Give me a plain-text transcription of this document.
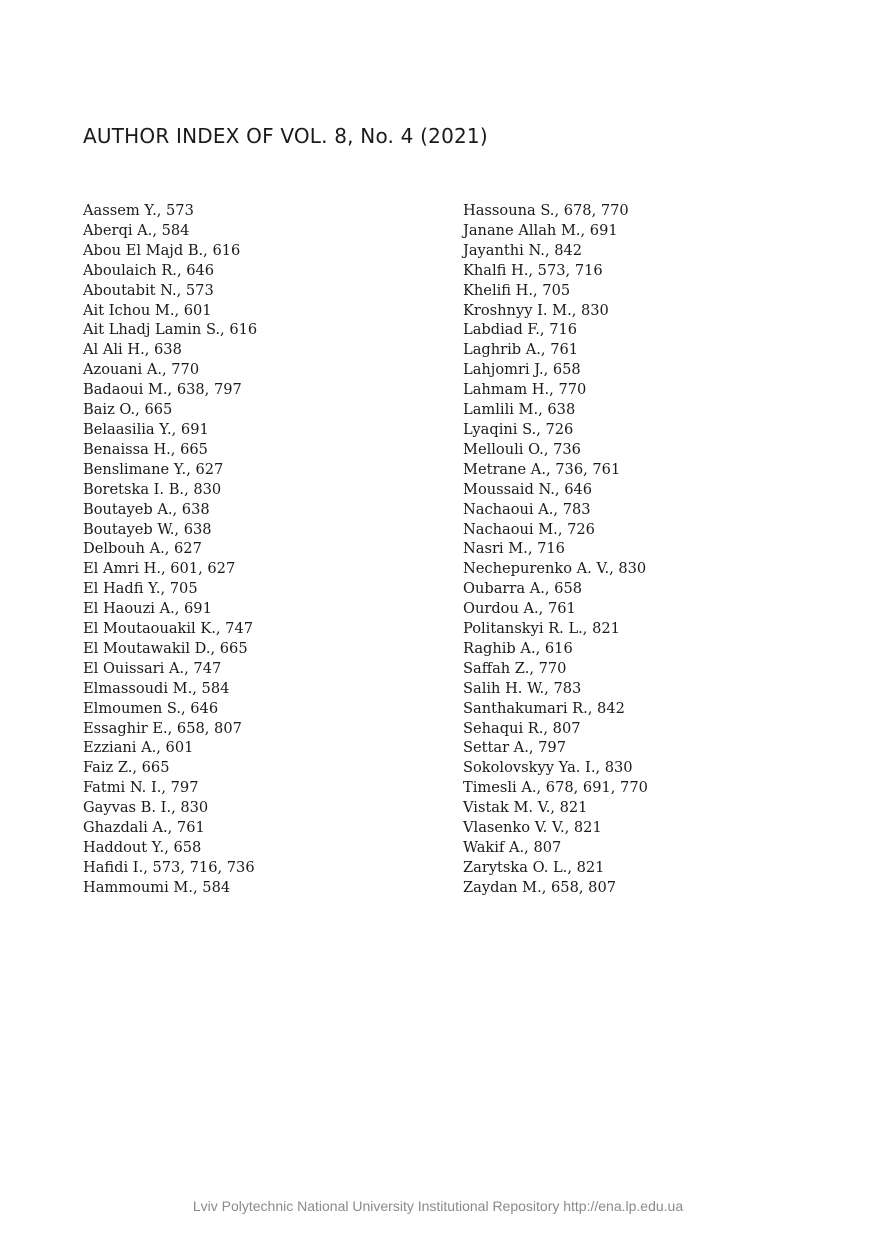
AUTHOR INDEX OF VOL. 8, No. 4 (2021)
Aassem Y., 573
Aberqi A., 584
Abou El Majd B., 616
Aboulaich R., 646
Aboutabit N., 573
Ait Ichou M., 601
Ait Lhadj Lamin S., 616
Al Ali H., 638
Azouani A., 770
Badaoui M., 638, 797
Baiz O., 665
Belaasilia Y., 691
Benaissa H., 665
Benslimane Y., 627
Boretska I. B., 830
Boutayeb A., 638
Boutayeb W., 638
Delbouh A., 627
El Amri H., 601, 627
El Hadfi Y., 705
El Haouzi A., 691
El Moutaouakil K., 747
El Moutawakil D., 665
El Ouissari A., 747
Elmassoudi M., 584
Elmoumen S., 646
Essaghir E., 658, 807
Ezziani A., 601
Faiz Z., 665
Fatmi N. I., 797
Gayvas B. I., 830
Ghazdali A., 761
Haddout Y., 658
Hafidi I., 573, 716, 736
Hammoumi M., 584
Hassouna S., 678, 770
Janane Allah M., 691
Jayanthi N., 842
Khalfi H., 573, 716
Khelifi H., 705
Kroshnyy I. M., 830
Labdiad F., 716
Laghrib A., 761
Lahjomri J., 658
Lahmam H., 770
Lamlili M., 638
Lyaqini S., 726
Mellouli O., 736
Metrane A., 736, 761
Moussaid N., 646
Nachaoui A., 783
Nachaoui M., 726
Nasri M., 716
Nechepurenko A. V., 830
Oubarra A., 658
Ourdou A., 761
Politanskyi R. L., 821
Raghib A., 616
Saffah Z., 770
Salih H. W., 783
Santhakumari R., 842
Sehaqui R., 807
Settar A., 797
Sokolovskyy Ya. I., 830
Timesli A., 678, 691, 770
Vistak M. V., 821
Vlasenko V. V., 821
Wakif A., 807
Zarytska O. L., 821
Zaydan M., 658, 807
Lviv Polytechnic National University Institutional Repository http://ena.lp.edu.ua
